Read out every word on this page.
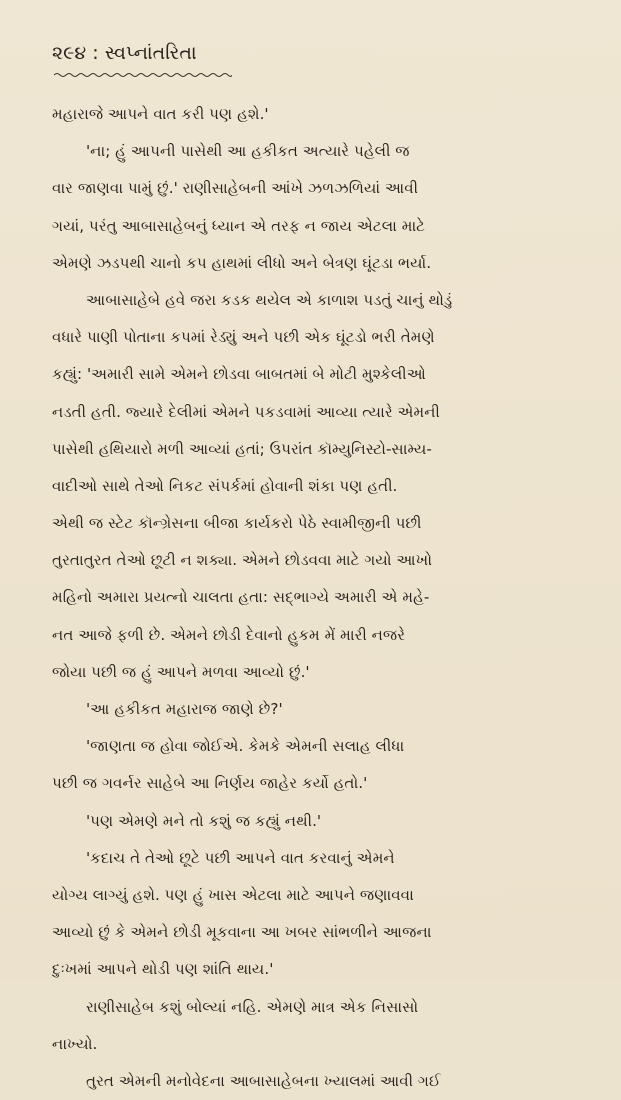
૨૯૪ : સ્વપ્નાંતરિતા
મહારાજે આપને વાત કરી પણ હશે.'
'ના; હું આપની પાસેથી આ હકીકત અત્યારે પહેલી જ
વાર જાણવા પામું છું.' રાણીસાહેબની આંખે ઝળઝળિયાં આવી
ગયાં, પરંતુ આબાસાહેબનું ધ્યાન એ તરફ ન જાય એટલા માટે
એમણે ઝડપથી ચાનો કપ હાથમાં લીધો અને બેત્રણ ઘૂંટડા ભર્યા.
આબાસાહેબે હવે જરા કડક થયેલ એ કાળાશ પડતું ચાનું થોડું
વધારે પાણી પોતાના કપમાં રેડ્યું અને પછી એક ઘૂંટડો ભરી તેમણે
કહ્યું: 'અમારી સામે એમને છોડવા બાબતમાં બે મોટી મુશ્કેલીઓ
નડતી હતી. જ્યારે દેલીમાં એમને પકડવામાં આવ્યા ત્યારે એમની
પાસેથી હથિયારો મળી આવ્યાં હતાં; ઉપરાંત કૉમ્યુનિસ્ટો-સામ્ય-
વાદીઓ સાથે તેઓ નિકટ સંપર્કમાં હોવાની શંકા પણ હતી.
એથી જ સ્ટેટ કૉન્ગ્રેસના બીજા કાર્યકરો પેઠે સ્વામીજીની પછી
તુરતાતુરત તેઓ છૂટી ન શક્યા. એમને છોડવવા માટે ગયો આખો
મહિનો અમારા પ્રયત્નો ચાલતા હતા: સદ્ભાગ્યે અમારી એ મહે-
નત આજે ફળી છે. એમને છોડી દેવાનો હુકમ મેં મારી નજરે
જોયા પછી જ હું આપને મળવા આવ્યો છું.'
'આ હકીકત મહારાજ જાણે છે?'
'જાણતા જ હોવા જોઈએ. કેમકે એમની સલાહ લીધા
પછી જ ગવર્નર સાહેબે આ નિર્ણય જાહેર કર્યો હતો.'
'પણ એમણે મને તો કશું જ કહ્યું નથી.'
'કદાચ તે તેઓ છૂટે પછી આપને વાત કરવાનું એમને
યોગ્ય લાગ્યું હશે. પણ હું ખાસ એટલા માટે આપને જણાવવા
આવ્યો છું કે એમને છોડી મૂકવાના આ ખબર સાંભળીને આજના
દુઃખમાં આપને થોડી પણ શાંતિ થાય.'
રાણીસાહેબ કશું બોલ્યાં નહિ. એમણે માત્ર એક નિસાસો
નાખ્યો.
તુરત એમની મનોવેદના આબાસાહેબના ખ્યાલમાં આવી ગઈ
